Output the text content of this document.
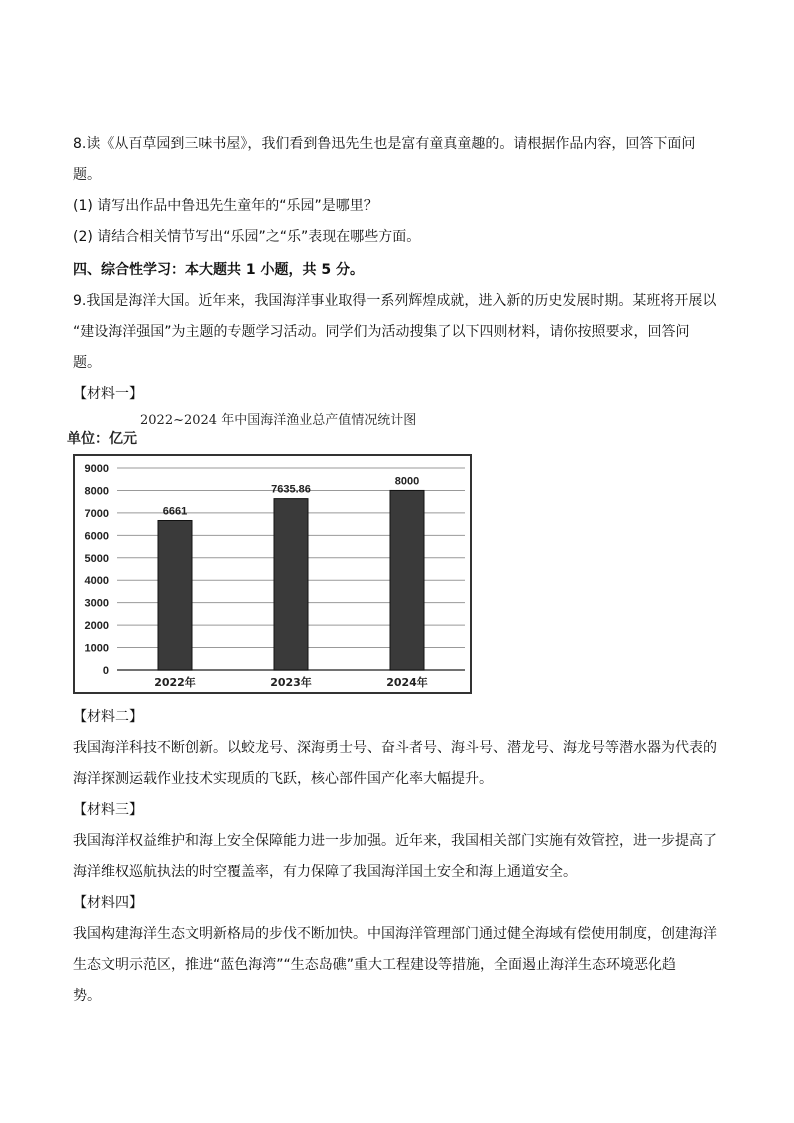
8.读《从百草园到三味书屋》，我们看到鲁迅先生也是富有童真童趣的。请根据作品内容，回答下面问
题。
(1) 请写出作品中鲁迅先生童年的“乐园”是哪里？
(2) 请结合相关情节写出“乐园”之“乐”表现在哪些方面。
四、综合性学习：本大题共 1 小题，共 5 分。
9.我国是海洋大国。近年来，我国海洋事业取得一系列辉煌成就，进入新的历史发展时期。某班将开展以
“建设海洋强国”为主题的专题学习活动。同学们为活动搜集了以下四则材料，请你按照要求，回答问
题。
【材料一】
2022~2024 年中国海洋渔业总产值情况统计图
单位：亿元
0
1000
2000
3000
4000
5000
6000
7000
8000
9000
6661
2022年
7635.86
2023年
8000
2024年
【材料二】
我国海洋科技不断创新。以蛟龙号、深海勇士号、奋斗者号、海斗号、潜龙号、海龙号等潜水器为代表的
海洋探测运载作业技术实现质的飞跃，核心部件国产化率大幅提升。
【材料三】
我国海洋权益维护和海上安全保障能力进一步加强。近年来，我国相关部门实施有效管控，进一步提高了
海洋维权巡航执法的时空覆盖率，有力保障了我国海洋国土安全和海上通道安全。
【材料四】
我国构建海洋生态文明新格局的步伐不断加快。中国海洋管理部门通过健全海域有偿使用制度，创建海洋
生态文明示范区，推进“蓝色海湾”“生态岛礁”重大工程建设等措施，全面遏止海洋生态环境恶化趋
势。
